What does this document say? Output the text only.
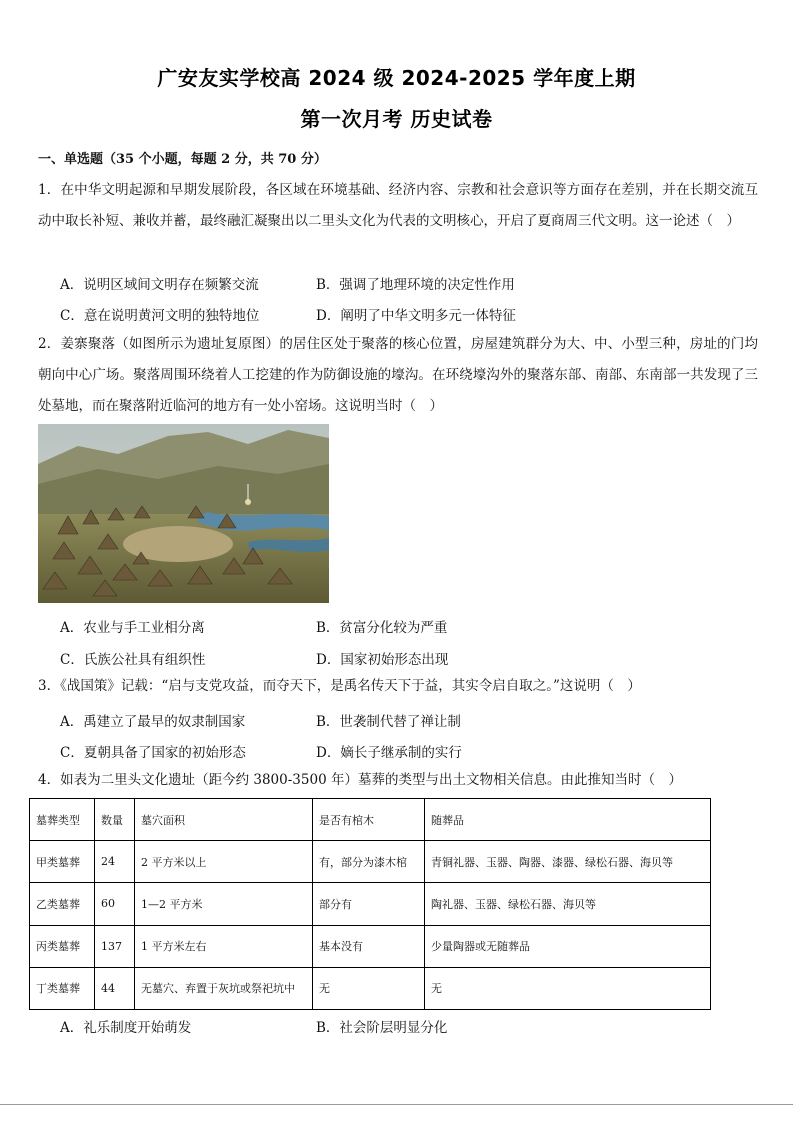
广安友实学校高 2024 级 2024-2025 学年度上期
第一次月考 历史试卷
一、单选题（35 个小题，每题 2 分，共 70 分）
1．在中华文明起源和早期发展阶段，各区域在环境基础、经济内容、宗教和社会意识等方面存在差别，并在长期交流互动中取长补短、兼收并蓄，最终融汇凝聚出以二里头文化为代表的文明核心，开启了夏商周三代文明。这一论述（　）
A．说明区域间文明存在频繁交流	B．强调了地理环境的决定性作用
C．意在说明黄河文明的独特地位	D．阐明了中华文明多元一体特征
2．姜寨聚落（如图所示为遗址复原图）的居住区处于聚落的核心位置，房屋建筑群分为大、中、小型三种，房址的门均朝向中心广场。聚落周围环绕着人工挖建的作为防御设施的壕沟。在环绕壕沟外的聚落东部、南部、东南部一共发现了三处墓地，而在聚落附近临河的地方有一处小窑场。这说明当时（　）
A．农业与手工业相分离	B．贫富分化较为严重
C．氏族公社具有组织性	D．国家初始形态出现
3．《战国策》记载：“启与支党攻益，而夺天下，是禹名传天下于益，其实令启自取之。”这说明（　）
A．禹建立了最早的奴隶制国家	B．世袭制代替了禅让制
C．夏朝具备了国家的初始形态	D．嫡长子继承制的实行
4．如表为二里头文化遗址（距今约 3800-3500 年）墓葬的类型与出土文物相关信息。由此推知当时（　）
墓葬类型	数量	墓穴面积	是否有棺木	随葬品
甲类墓葬	24	2 平方米以上	有，部分为漆木棺	青铜礼器、玉器、陶器、漆器、绿松石器、海贝等
乙类墓葬	60	1—2 平方米	部分有	陶礼器、玉器、绿松石器、海贝等
丙类墓葬	137	1 平方米左右	基本没有	少量陶器或无随葬品
丁类墓葬	44	无墓穴、弃置于灰坑或祭祀坑中	无	无
A．礼乐制度开始萌发	B．社会阶层明显分化
